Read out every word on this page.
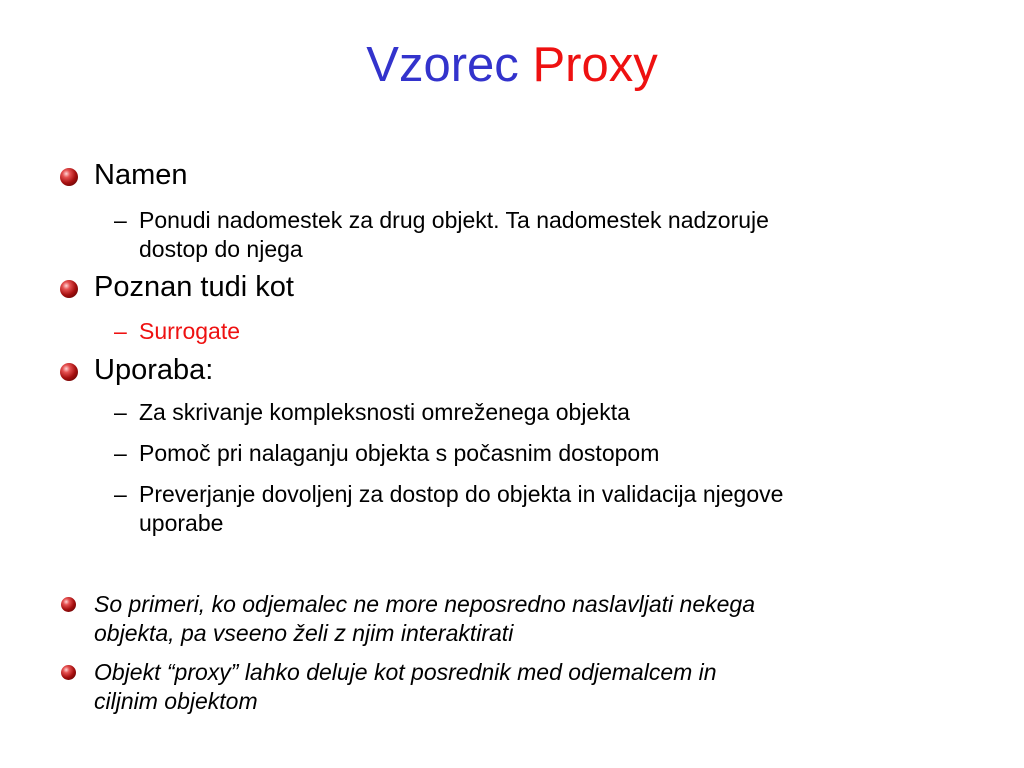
Vzorec Proxy
Namen
– Ponudi nadomestek za drug objekt. Ta nadomestek nadzoruje
dostop do njega
Poznan tudi kot
– Surrogate
Uporaba:
– Za skrivanje kompleksnosti omreženega objekta
– Pomoč pri nalaganju objekta s počasnim dostopom
– Preverjanje dovoljenj za dostop do objekta in validacija njegove
uporabe
So primeri, ko odjemalec ne more neposredno naslavljati nekega
objekta, pa vseeno želi z njim interaktirati
Objekt “proxy” lahko deluje kot posrednik med odjemalcem in
ciljnim objektom
